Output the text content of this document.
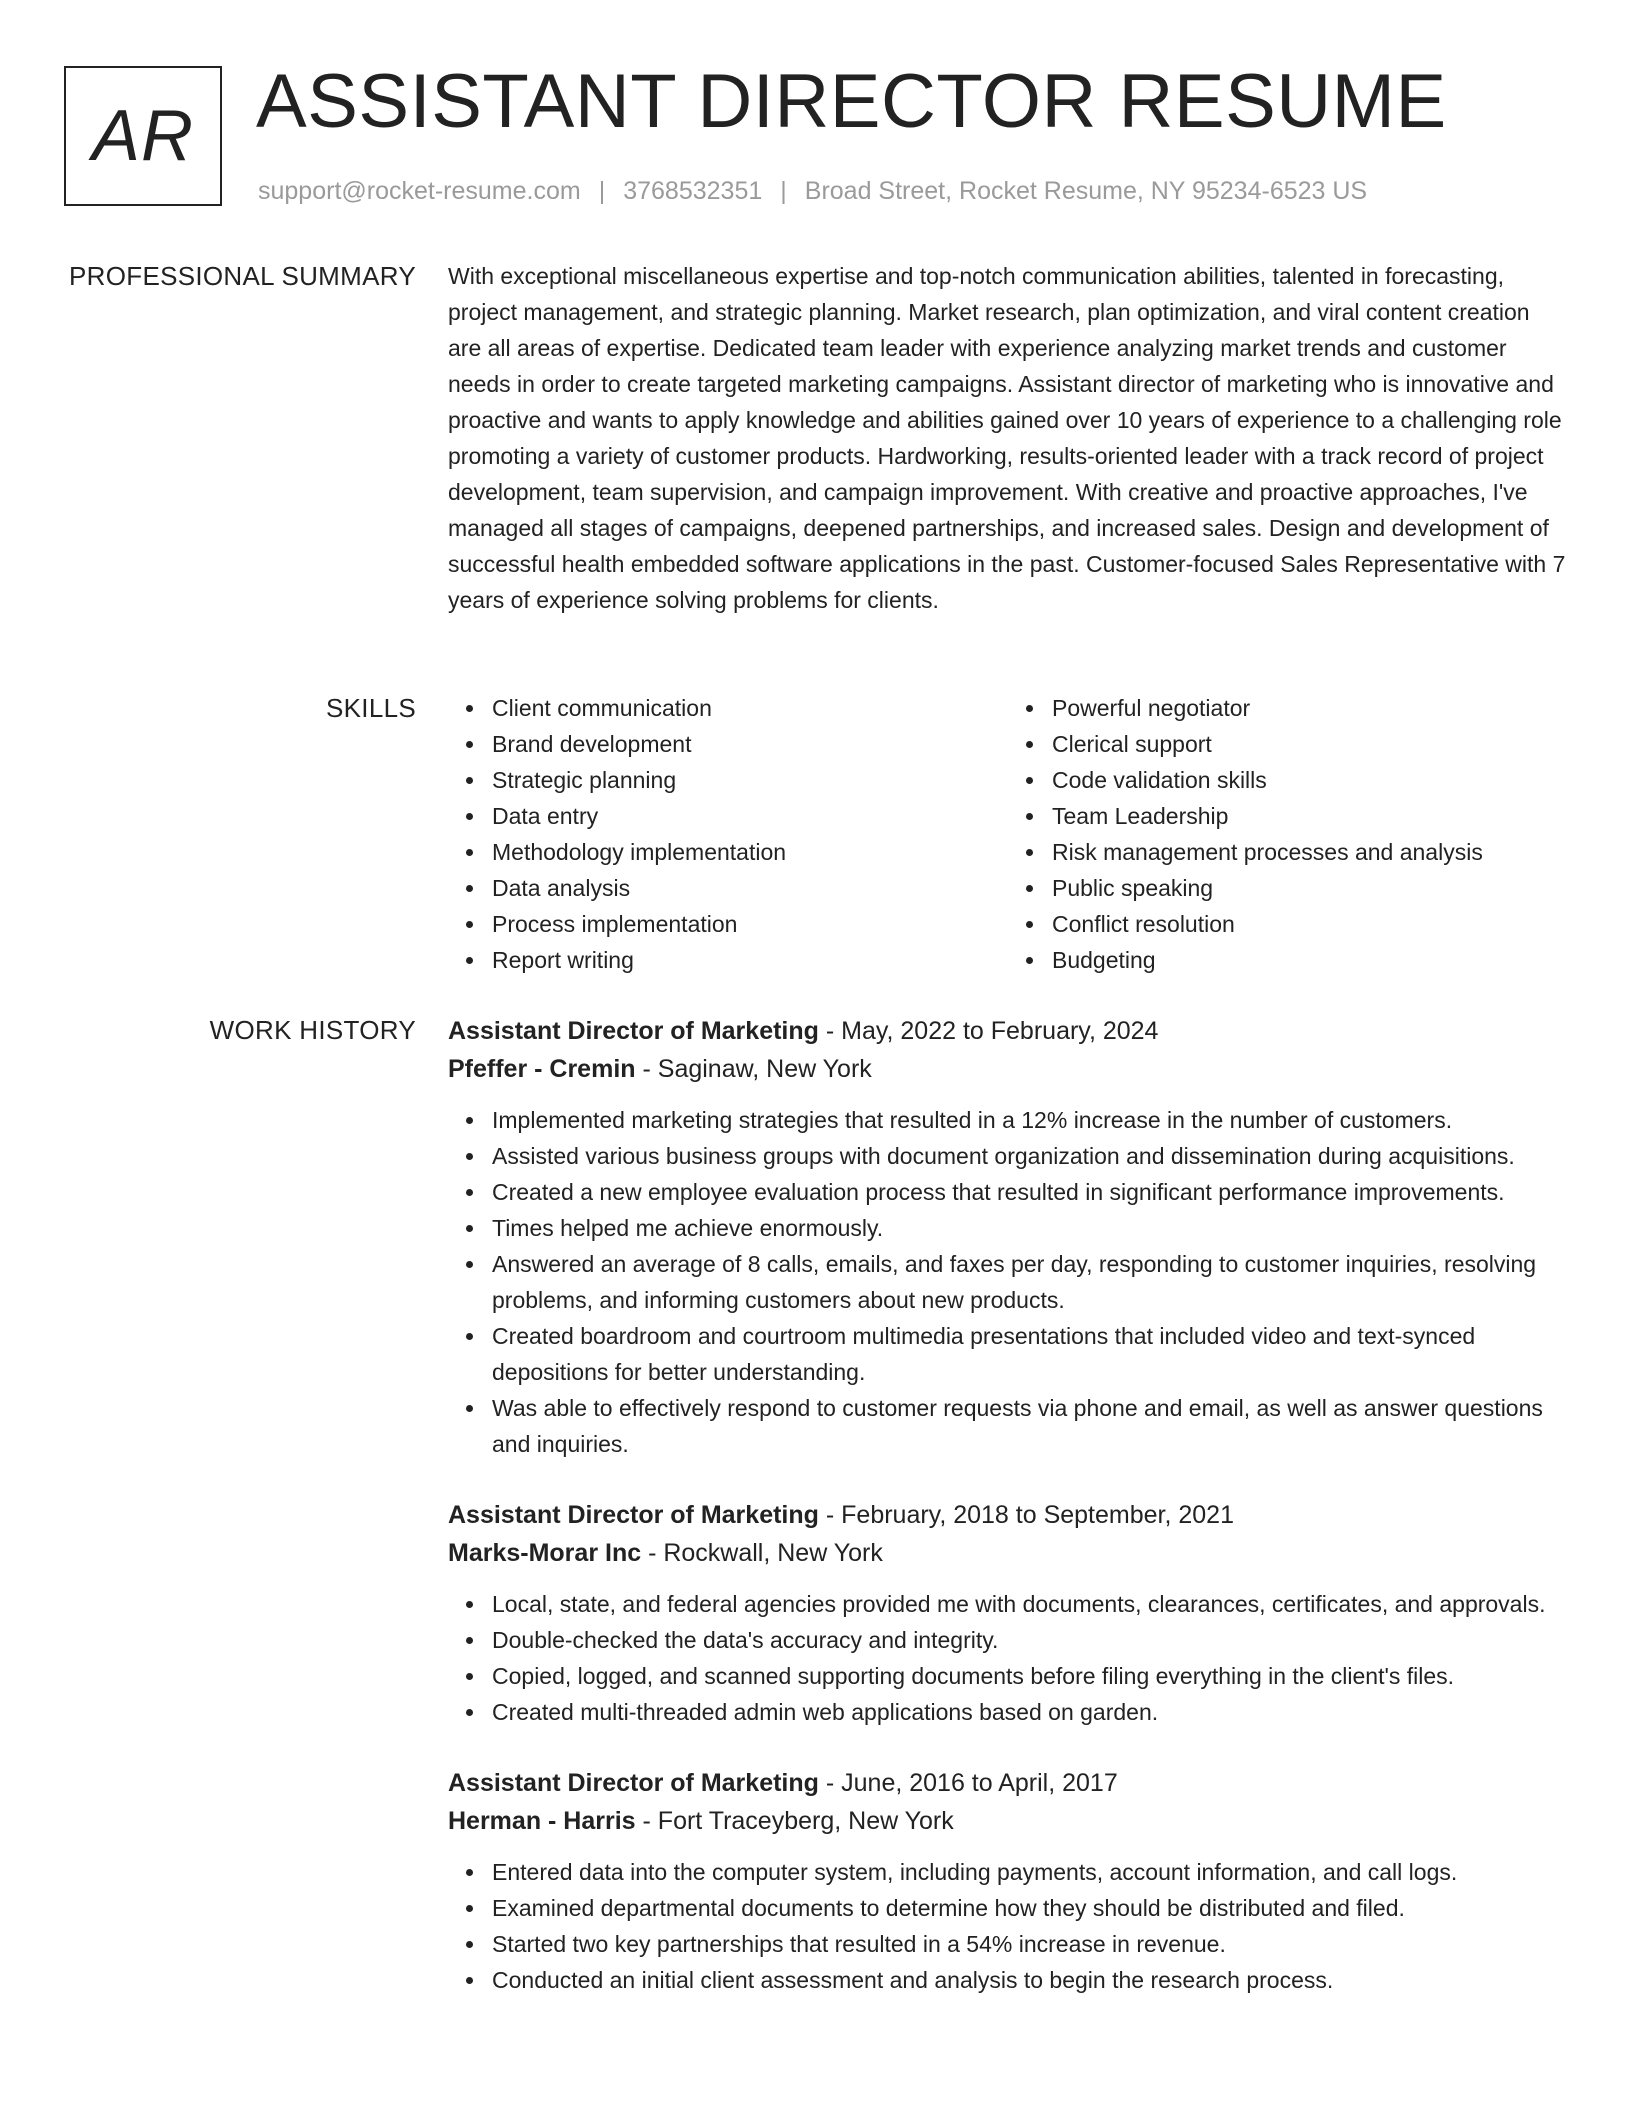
AR ASSISTANT DIRECTOR RESUME
support@rocket-resume.com | 3768532351 | Broad Street, Rocket Resume, NY 95234-6523 US
PROFESSIONAL SUMMARY With exceptional miscellaneous expertise and top-notch communication abilities, talented in forecasting, project management, and strategic planning. Market research, plan optimization, and viral content creation are all areas of expertise. Dedicated team leader with experience analyzing market trends and customer needs in order to create targeted marketing campaigns. Assistant director of marketing who is innovative and proactive and wants to apply knowledge and abilities gained over 10 years of experience to a challenging role promoting a variety of customer products. Hardworking, results-oriented leader with a track record of project development, team supervision, and campaign improvement. With creative and proactive approaches, I've managed all stages of campaigns, deepened partnerships, and increased sales. Design and development of successful health embedded software applications in the past. Customer-focused Sales Representative with 7 years of experience solving problems for clients.

SKILLS	Client communication
Brand development
Strategic planning
Data entry
Methodology implementation
Data analysis
Process implementation
Report writing
Powerful negotiator
Clerical support
Code validation skills
Team Leadership
Risk management processes and analysis
Public speaking
Conflict resolution
Budgeting
WORK HISTORY Assistant Director of Marketing - May, 2022 to February, 2024
Pfeffer - Cremin - Saginaw, New York
Implemented marketing strategies that resulted in a 12% increase in the number of customers.
Assisted various business groups with document organization and dissemination during acquisitions.
Created a new employee evaluation process that resulted in significant performance improvements.
Times helped me achieve enormously.
Answered an average of 8 calls, emails, and faxes per day, responding to customer inquiries, resolving problems, and informing customers about new products.
Created boardroom and courtroom multimedia presentations that included video and text-synced depositions for better understanding.
Was able to effectively respond to customer requests via phone and email, as well as answer questions and inquiries.
Assistant Director of Marketing - February, 2018 to September, 2021
Marks-Morar Inc - Rockwall, New York
Local, state, and federal agencies provided me with documents, clearances, certificates, and approvals.
Double-checked the data's accuracy and integrity.
Copied, logged, and scanned supporting documents before filing everything in the client's files.
Created multi-threaded admin web applications based on garden.
Assistant Director of Marketing - June, 2016 to April, 2017
Herman - Harris - Fort Traceyberg, New York
Entered data into the computer system, including payments, account information, and call logs.
Examined departmental documents to determine how they should be distributed and filed.
Started two key partnerships that resulted in a 54% increase in revenue.
Conducted an initial client assessment and analysis to begin the research process.
